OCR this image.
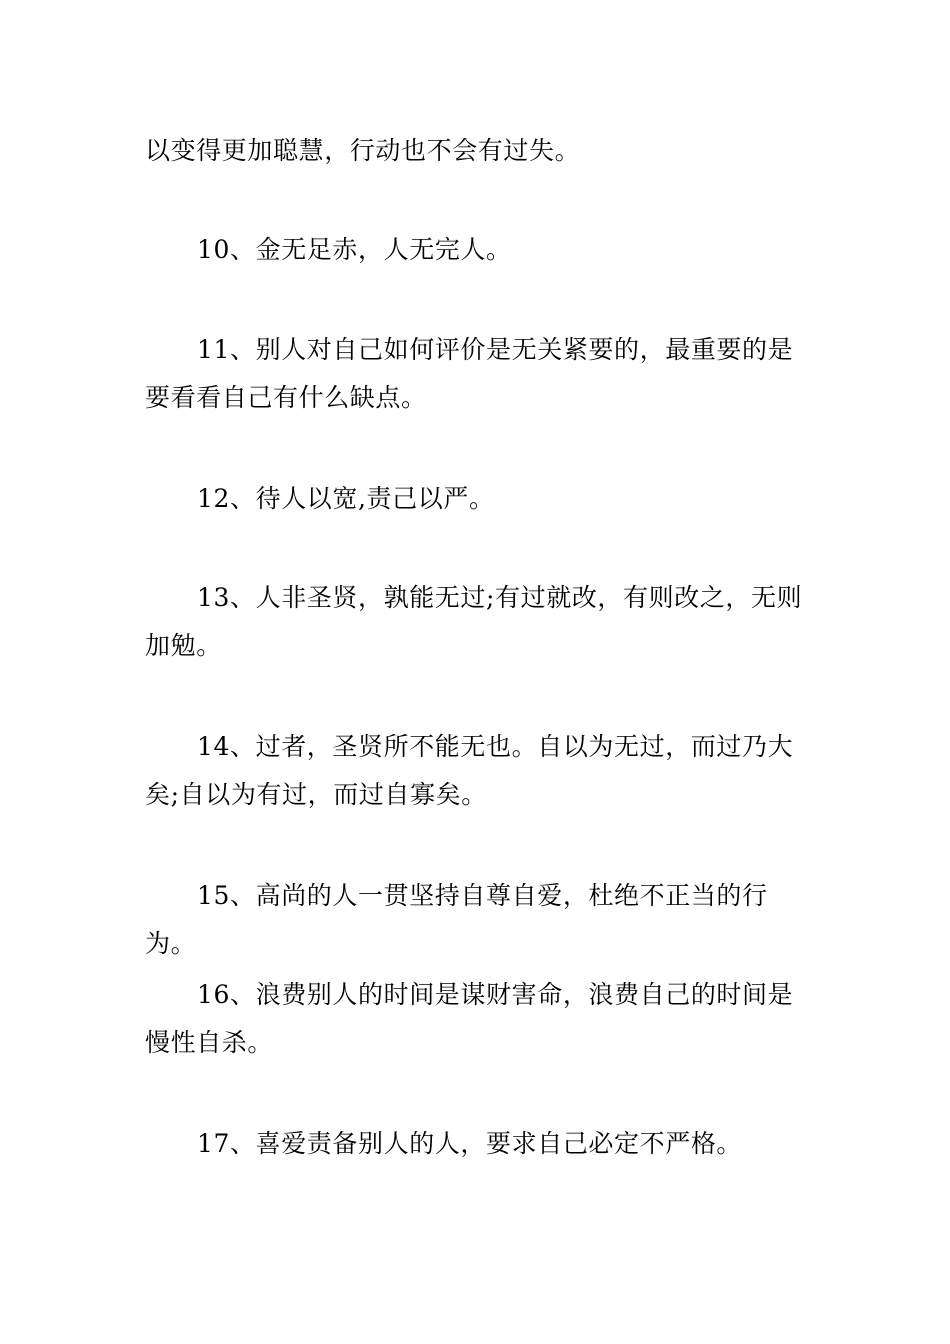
以变得更加聪慧，行动也不会有过失。

10、金无足赤，人无完人。

11、别人对自己如何评价是无关紧要的，最重要的是要看看自己有什么缺点。

12、待人以宽,责己以严。

13、人非圣贤，孰能无过;有过就改，有则改之，无则加勉。

14、过者，圣贤所不能无也。自以为无过，而过乃大矣;自以为有过，而过自寡矣。

15、高尚的人一贯坚持自尊自爱，杜绝不正当的行为。

16、浪费别人的时间是谋财害命，浪费自己的时间是慢性自杀。

17、喜爱责备别人的人，要求自己必定不严格。
